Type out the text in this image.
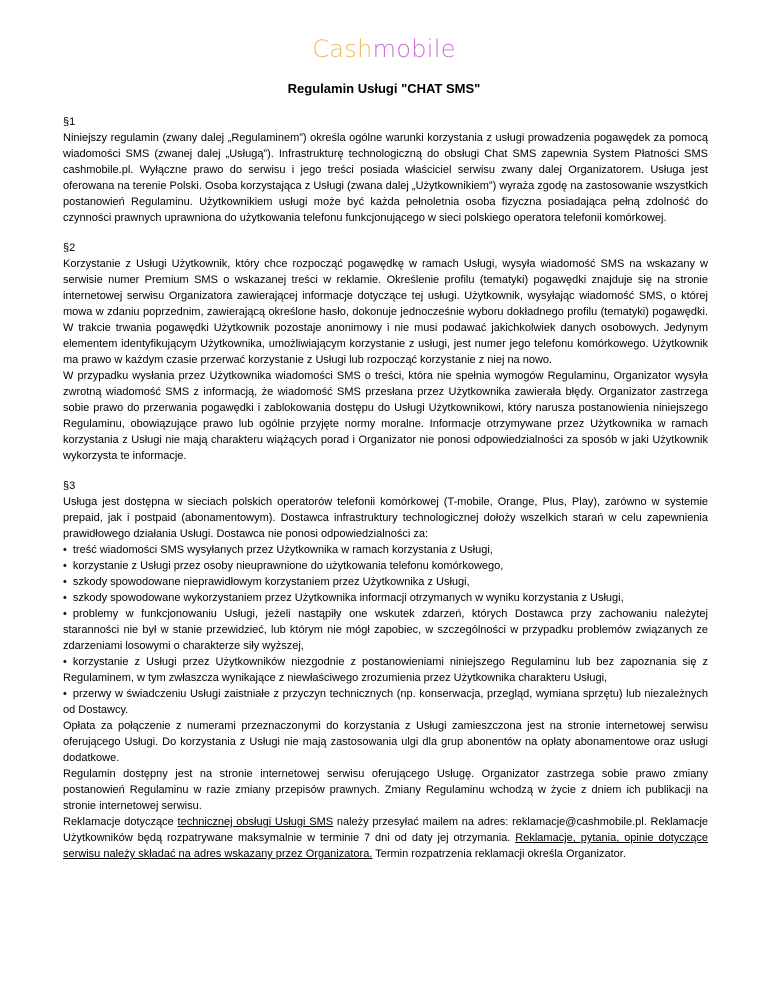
Cashmobile
Regulamin Usługi "CHAT SMS"

§1

Niniejszy regulamin (zwany dalej „Regulaminem”) określa ogólne warunki korzystania z usługi prowadzenia pogawędek za pomocą wiadomości SMS (zwanej dalej „Usługą”). Infrastrukturę technologiczną do obsługi Chat SMS zapewnia System Płatności SMS cashmobile.pl. Wyłączne prawo do serwisu i jego treści posiada właściciel serwisu zwany dalej Organizatorem. Usługa jest oferowana na terenie Polski. Osoba korzystająca z Usługi (zwana dalej „Użytkownikiem”) wyraża zgodę na zastosowanie wszystkich postanowień Regulaminu. Użytkownikiem usługi może być każda pełnoletnia osoba fizyczna posiadająca pełną zdolność do czynności prawnych uprawniona do użytkowania telefonu funkcjonującego w sieci polskiego operatora telefonii komórkowej.

§2

Korzystanie z Usługi Użytkownik, który chce rozpocząć pogawędkę w ramach Usługi, wysyła wiadomość SMS na wskazany w serwisie numer Premium SMS o wskazanej treści w reklamie. Określenie profilu (tematyki) pogawędki znajduje się na stronie internetowej serwisu Organizatora zawierającej informacje dotyczące tej usługi. Użytkownik, wysyłając wiadomość SMS, o której mowa w zdaniu poprzednim, zawierającą określone hasło, dokonuje jednocześnie wyboru dokładnego profilu (tematyki) pogawędki. W trakcie trwania pogawędki Użytkownik pozostaje anonimowy i nie musi podawać jakichkolwiek danych osobowych. Jedynym elementem identyfikującym Użytkownika, umożliwiającym korzystanie z usługi, jest numer jego telefonu komórkowego. Użytkownik ma prawo w każdym czasie przerwać korzystanie z Usługi lub rozpocząć korzystanie z niej na nowo.

W przypadku wysłania przez Użytkownika wiadomości SMS o treści, która nie spełnia wymogów Regulaminu, Organizator wysyła zwrotną wiadomość SMS z informacją, że wiadomość SMS przesłana przez Użytkownika zawierała błędy. Organizator zastrzega sobie prawo do przerwania pogawędki i zablokowania dostępu do Usługi Użytkownikowi, który narusza postanowienia niniejszego Regulaminu, obowiązujące prawo lub ogólnie przyjęte normy moralne. Informacje otrzymywane przez Użytkownika w ramach korzystania z Usługi nie mają charakteru wiążących porad i Organizator nie ponosi odpowiedzialności za sposób w jaki Użytkownik wykorzysta te informacje.

§3

Usługa jest dostępna w sieciach polskich operatorów telefonii komórkowej (T-mobile, Orange, Plus, Play), zarówno w systemie prepaid, jak i postpaid (abonamentowym). Dostawca infrastruktury technologicznej dołoży wszelkich starań w celu zapewnienia prawidłowego działania Usługi. Dostawca nie ponosi odpowiedzialności za:

• treść wiadomości SMS wysyłanych przez Użytkownika w ramach korzystania z Usługi,
• korzystanie z Usługi przez osoby nieuprawnione do użytkowania telefonu komórkowego,
• szkody spowodowane nieprawidłowym korzystaniem przez Użytkownika z Usługi,
• szkody spowodowane wykorzystaniem przez Użytkownika informacji otrzymanych w wyniku korzystania z Usługi,
• problemy w funkcjonowaniu Usługi, jeżeli nastąpiły one wskutek zdarzeń, których Dostawca przy zachowaniu należytej staranności nie był w stanie przewidzieć, lub którym nie mógł zapobiec, w szczególności w przypadku problemów związanych ze zdarzeniami losowymi o charakterze siły wyższej,
• korzystanie z Usługi przez Użytkowników niezgodnie z postanowieniami niniejszego Regulaminu lub bez zapoznania się z Regulaminem, w tym zwłaszcza wynikające z niewłaściwego zrozumienia przez Użytkownika charakteru Usługi,
• przerwy w świadczeniu Usługi zaistniałe z przyczyn technicznych (np. konserwacja, przegląd, wymiana sprzętu) lub niezależnych od Dostawcy.

Opłata za połączenie z numerami przeznaczonymi do korzystania z Usługi zamieszczona jest na stronie internetowej serwisu oferującego Usługi. Do korzystania z Usługi nie mają zastosowania ulgi dla grup abonentów na opłaty abonamentowe oraz usługi dodatkowe.

Regulamin dostępny jest na stronie internetowej serwisu oferującego Usługę. Organizator zastrzega sobie prawo zmiany postanowień Regulaminu w razie zmiany przepisów prawnych. Zmiany Regulaminu wchodzą w życie z dniem ich publikacji na stronie internetowej serwisu.

Reklamacje dotyczące technicznej obsługi Usługi SMS należy przesyłać mailem na adres: reklamacje@cashmobile.pl. Reklamacje Użytkowników będą rozpatrywane maksymalnie w terminie 7 dni od daty jej otrzymania. Reklamacje, pytania, opinie dotyczące serwisu należy składać na adres wskazany przez Organizatora. Termin rozpatrzenia reklamacji określa Organizator.
